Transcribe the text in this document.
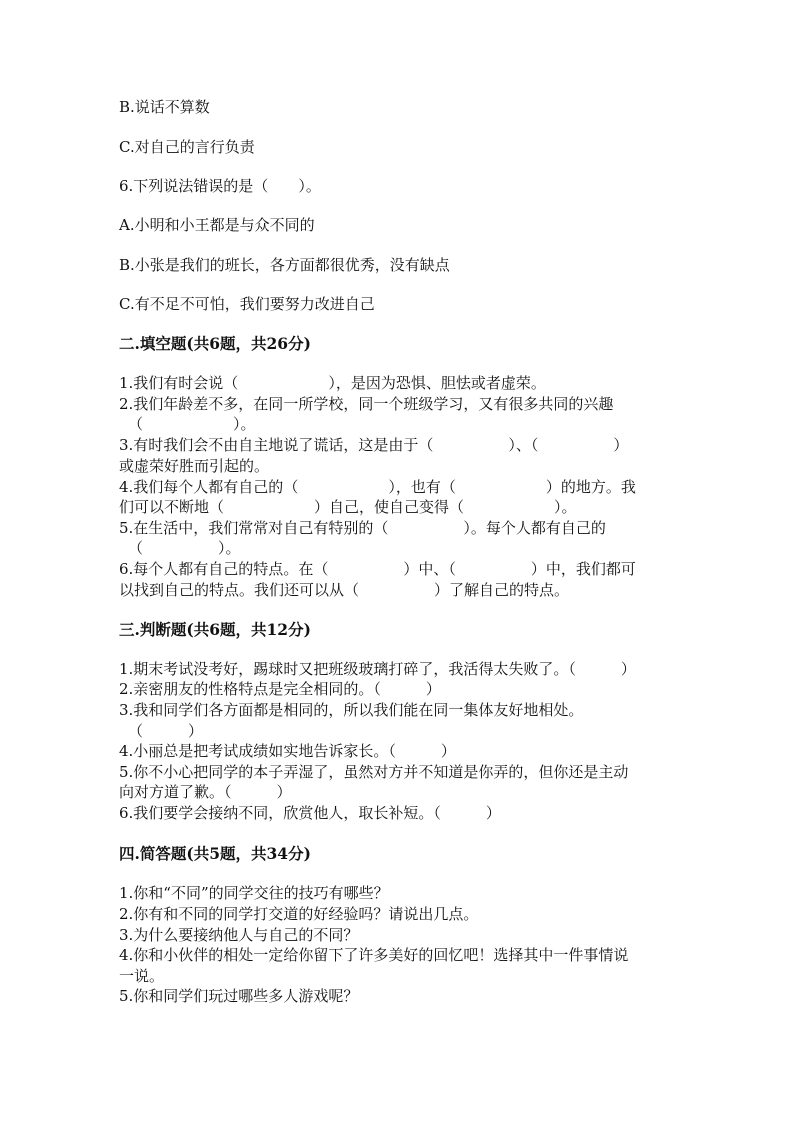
B.说话不算数
C.对自己的言行负责
6.下列说法错误的是（　　）。
A.小明和小王都是与众不同的
B.小张是我们的班长，各方面都很优秀，没有缺点
C.有不足不可怕，我们要努力改进自己
二.填空题(共6题，共26分)
1.我们有时会说（　　　　　　），是因为恐惧、胆怯或者虚荣。
2.我们年龄差不多，在同一所学校，同一个班级学习，又有很多共同的兴趣
（　　　　　　）。
3.有时我们会不由自主地说了谎话，这是由于（　　　　　）、（　　　　　）
或虚荣好胜而引起的。
4.我们每个人都有自己的（　　　　　　），也有（　　　　　　）的地方。我
们可以不断地（　　　　　　）自己，使自己变得（　　　　　　）。
5.在生活中，我们常常对自己有特别的（　　　　　）。每个人都有自己的
（　　　　　）。
6.每个人都有自己的特点。在（　　　　　）中、（　　　　　）中，我们都可
以找到自己的特点。我们还可以从（　　　　　）了解自己的特点。
三.判断题(共6题，共12分)
1.期末考试没考好，踢球时又把班级玻璃打碎了，我活得太失败了。（　　　）
2.亲密朋友的性格特点是完全相同的。（　　　）
3.我和同学们各方面都是相同的，所以我们能在同一集体友好地相处。
（　　　）
4.小丽总是把考试成绩如实地告诉家长。（　　　）
5.你不小心把同学的本子弄湿了，虽然对方并不知道是你弄的，但你还是主动
向对方道了歉。（　　　）
6.我们要学会接纳不同，欣赏他人，取长补短。（　　　）
四.简答题(共5题，共34分)
1.你和“不同”的同学交往的技巧有哪些？
2.你有和不同的同学打交道的好经验吗？请说出几点。
3.为什么要接纳他人与自己的不同？
4.你和小伙伴的相处一定给你留下了许多美好的回忆吧！选择其中一件事情说
一说。
5.你和同学们玩过哪些多人游戏呢？
